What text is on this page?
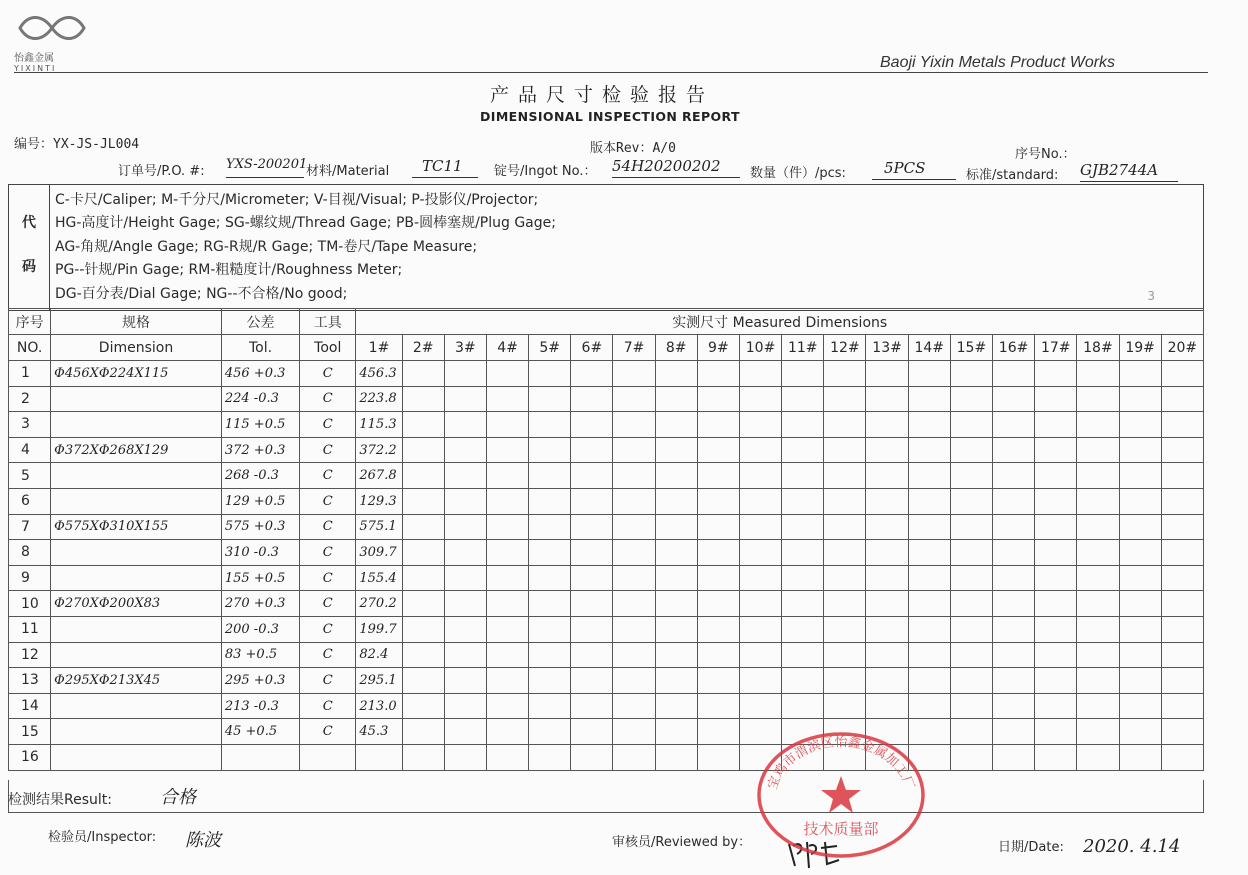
怡鑫金属
YIXINTI	Baoji Yixin Metals Product Works
产品尺寸检验报告
DIMENSIONAL INSPECTION REPORT
编号：YX-JS-JL004	版本Rev：A/0	序号No.：
订单号/P.O. #: YXS-200201
材料/Material	TC11	锭号/Ingot No.： 54H20200202	数量（件）/pcs:	5PCS	标准/standard: GJB2744A
代
码

C-卡尺/Caliper; M-千分尺/Micrometer; V-目视/Visual; P-投影仪/Projector;
HG-高度计/Height Gage; SG-螺纹规/Thread Gage; PB-圆棒塞规/Plug Gage;
AG-角规/Angle Gage; RG-R规/R Gage; TM-卷尺/Tape Measure;
PG--针规/Pin Gage; RM-粗糙度计/Roughness Meter;
DG-百分表/Dial Gage; NG--不合格/No good;	3
序号	规格	公差	工具	实测尺寸 Measured Dimensions																			
NO.	Dimension	Tol.	Tool	1#	2#	3#	4#	5#	6#	7#	8#	9#	10#	11#	12#	13#	14#	15#	16#	17#	18#	19#	20#
1	Φ456XΦ224X115	456 +0.3	C	456.3																			
2		224 -0.3	C	223.8																			
3		115 +0.5	C	115.3																			
4	Φ372XΦ268X129	372 +0.3	C	372.2																			
5		268 -0.3	C	267.8																			
6		129 +0.5	C	129.3																			
7	Φ575XΦ310X155	575 +0.3	C	575.1																			
8		310 -0.3	C	309.7																			
9		155 +0.5	C	155.4																			
10	Φ270XΦ200X83	270 +0.3	C	270.2																			
11		200 -0.3	C	199.7																			
12		83 +0.5	C	82.4																			
13	Φ295XΦ213X45	295 +0.3	C	295.1																			
14		213 -0.3	C	213.0																			
15		45 +0.5	C	45.3																			
16																							
检测结果Result:	合格
检验员/Inspector: 陈波	审核员/Reviewed by：	日期/Date: 2020. 4.14
宝鸡市渭滨区怡鑫金属加工厂
技术质量部
